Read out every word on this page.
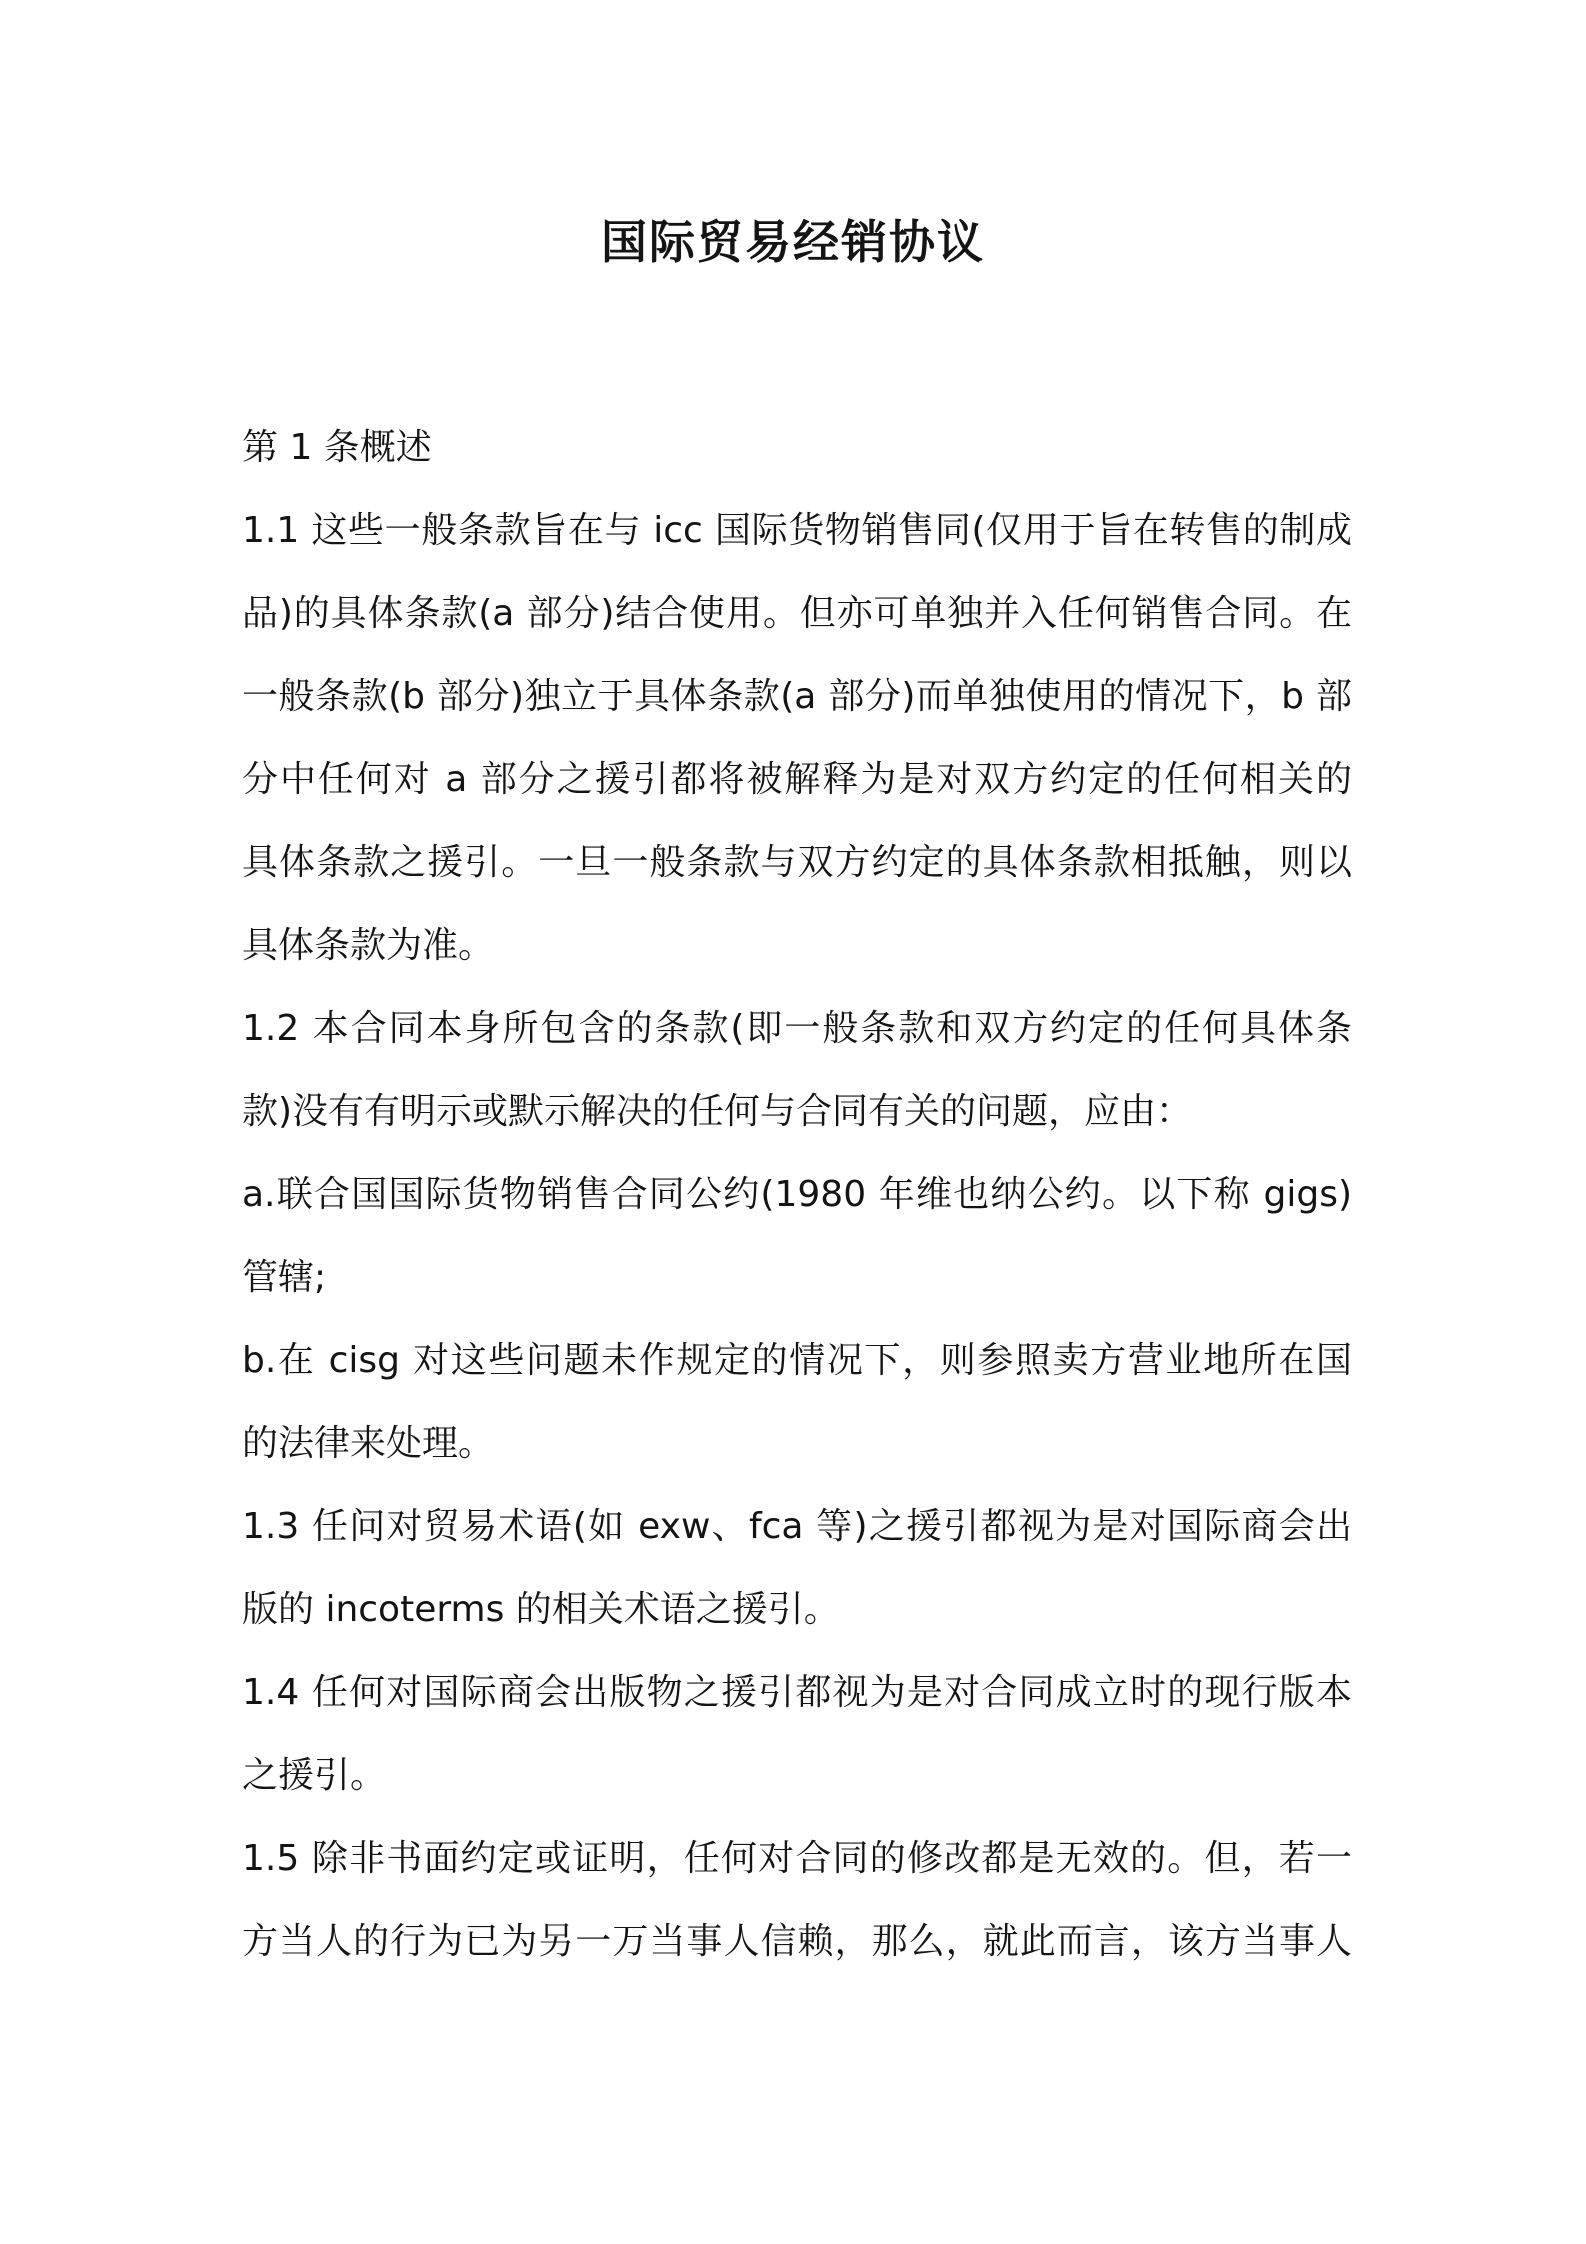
国际贸易经销协议

第 1 条概述

1.1 这些一般条款旨在与 icc 国际货物销售同(仅用于旨在转售的制成

品)的具体条款(a 部分)结合使用。但亦可单独并入任何销售合同。在

一般条款(b 部分)独立于具体条款(a 部分)而单独使用的情况下，b 部

分中任何对 a 部分之援引都将被解释为是对双方约定的任何相关的

具体条款之援引。一旦一般条款与双方约定的具体条款相抵触，则以

具体条款为准。

1.2 本合同本身所包含的条款(即一般条款和双方约定的任何具体条

款)没有有明示或默示解决的任何与合同有关的问题，应由：

a.联合国国际货物销售合同公约(1980 年维也纳公约。以下称 gigs)

管辖;

b.在 cisg 对这些问题未作规定的情况下，则参照卖方营业地所在国

的法律来处理。

1.3 任问对贸易术语(如 exw、fca 等)之援引都视为是对国际商会出

版的 incoterms 的相关术语之援引。

1.4 任何对国际商会出版物之援引都视为是对合同成立时的现行版本

之援引。

1.5 除非书面约定或证明，任何对合同的修改都是无效的。但，若一

方当人的行为已为另一万当事人信赖，那么，就此而言，该方当事人
